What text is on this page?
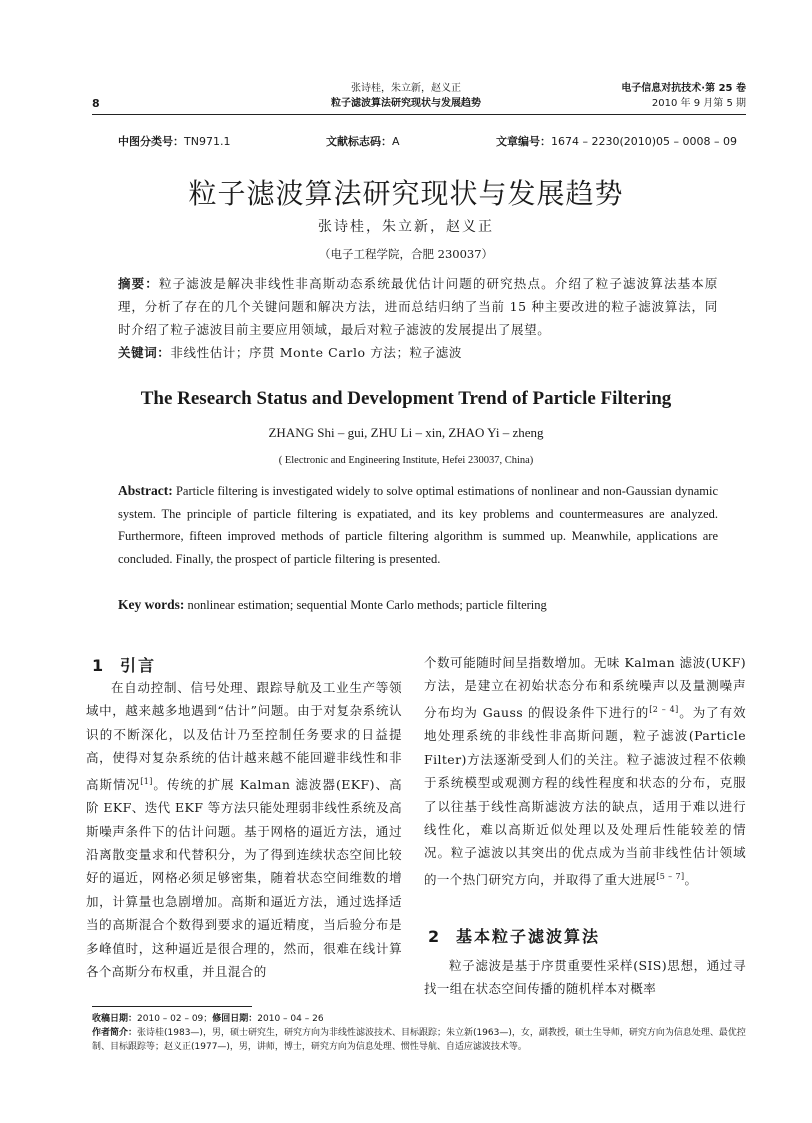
8
张诗桂，朱立新，赵义正
粒子滤波算法研究现状与发展趋势
电子信息对抗技术·第 25 卷
2010 年 9 月第 5 期
中图分类号：TN971.1	文献标志码：A	文章编号：1674 – 2230(2010)05 – 0008 – 09
粒子滤波算法研究现状与发展趋势
张诗桂，朱立新，赵义正
（电子工程学院，合肥 230037）
摘要：粒子滤波是解决非线性非高斯动态系统最优估计问题的研究热点。介绍了粒子滤波算法基本原理，分析了存在的几个关键问题和解决方法，进而总结归纳了当前 15 种主要改进的粒子滤波算法，同时介绍了粒子滤波目前主要应用领域，最后对粒子滤波的发展提出了展望。
关键词：非线性估计；序贯 Monte Carlo 方法；粒子滤波
The Research Status and Development Trend of Particle Filtering
ZHANG Shi – gui, ZHU Li – xin, ZHAO Yi – zheng
( Electronic and Engineering Institute, Hefei 230037, China)
Abstract: Particle filtering is investigated widely to solve optimal estimations of nonlinear and non-Gaussian dynamic system. The principle of particle filtering is expatiated, and its key problems and countermeasures are analyzed. Furthermore, fifteen improved methods of particle filtering algorithm is summed up. Meanwhile, applications are concluded. Finally, the prospect of particle filtering is presented.
Key words: nonlinear estimation; sequential Monte Carlo methods; particle filtering
1 引言

在自动控制、信号处理、跟踪导航及工业生产等领域中，越来越多地遇到“估计”问题。由于对复杂系统认识的不断深化，以及估计乃至控制任务要求的日益提高，使得对复杂系统的估计越来越不能回避非线性和非高斯情况[1]。传统的扩展 Kalman 滤波器(EKF)、高阶 EKF、迭代 EKF 等方法只能处理弱非线性系统及高斯噪声条件下的估计问题。基于网格的逼近方法，通过沿离散变量求和代替积分，为了得到连续状态空间比较好的逼近，网格必须足够密集，随着状态空间维数的增加，计算量也急剧增加。高斯和逼近方法，通过选择适当的高斯混合个数得到要求的逼近精度，当后验分布是多峰值时，这种逼近是很合理的，然而，很难在线计算各个高斯分布权重，并且混合的

个数可能随时间呈指数增加。无味 Kalman 滤波(UKF)方法，是建立在初始状态分布和系统噪声以及量测噪声分布均为 Gauss 的假设条件下进行的[2 – 4]。为了有效地处理系统的非线性非高斯问题，粒子滤波(Particle Filter)方法逐渐受到人们的关注。粒子滤波过程不依赖于系统模型或观测方程的线性程度和状态的分布，克服了以往基于线性高斯滤波方法的缺点，适用于难以进行线性化，难以高斯近似处理以及处理后性能较差的情况。粒子滤波以其突出的优点成为当前非线性估计领域的一个热门研究方向，并取得了重大进展[5 – 7]。

2 基本粒子滤波算法

粒子滤波是基于序贯重要性采样(SIS)思想，通过寻找一组在状态空间传播的随机样本对概率

收稿日期：2010 – 02 – 09；修回日期：2010 – 04 – 26
作者简介：张诗桂(1983—)，男，硕士研究生，研究方向为非线性滤波技术、目标跟踪；朱立新(1963—)，女，副教授，硕士生导师，研究方向为信息处理、最优控制、目标跟踪等；赵义正(1977—)，男，讲师，博士，研究方向为信息处理、惯性导航、自适应滤波技术等。
